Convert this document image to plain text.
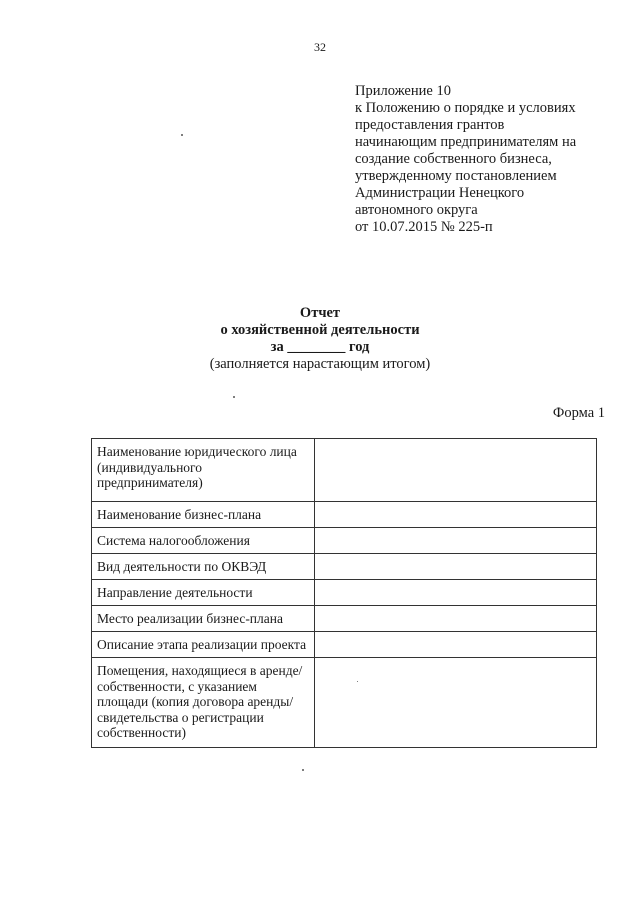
32
Приложение 10
к Положению о порядке и условиях
предоставления грантов
начинающим предпринимателям на
создание собственного бизнеса,
утвержденному постановлением
Администрации Ненецкого
автономного округа
от 10.07.2015 № 225-п
Отчет
о хозяйственной деятельности
за ________ год
(заполняется нарастающим итогом)
Форма 1
Наименование юридического лица (индивидуального предпринимателя)	
Наименование бизнес-плана	
Система налогообложения	
Вид деятельности по ОКВЭД	
Направление деятельности	
Место реализации бизнес-плана	
Описание этапа реализации проекта	
Помещения, находящиеся в аренде/собственности, с указанием площади (копия договора аренды/свидетельства о регистрации собственности)	
